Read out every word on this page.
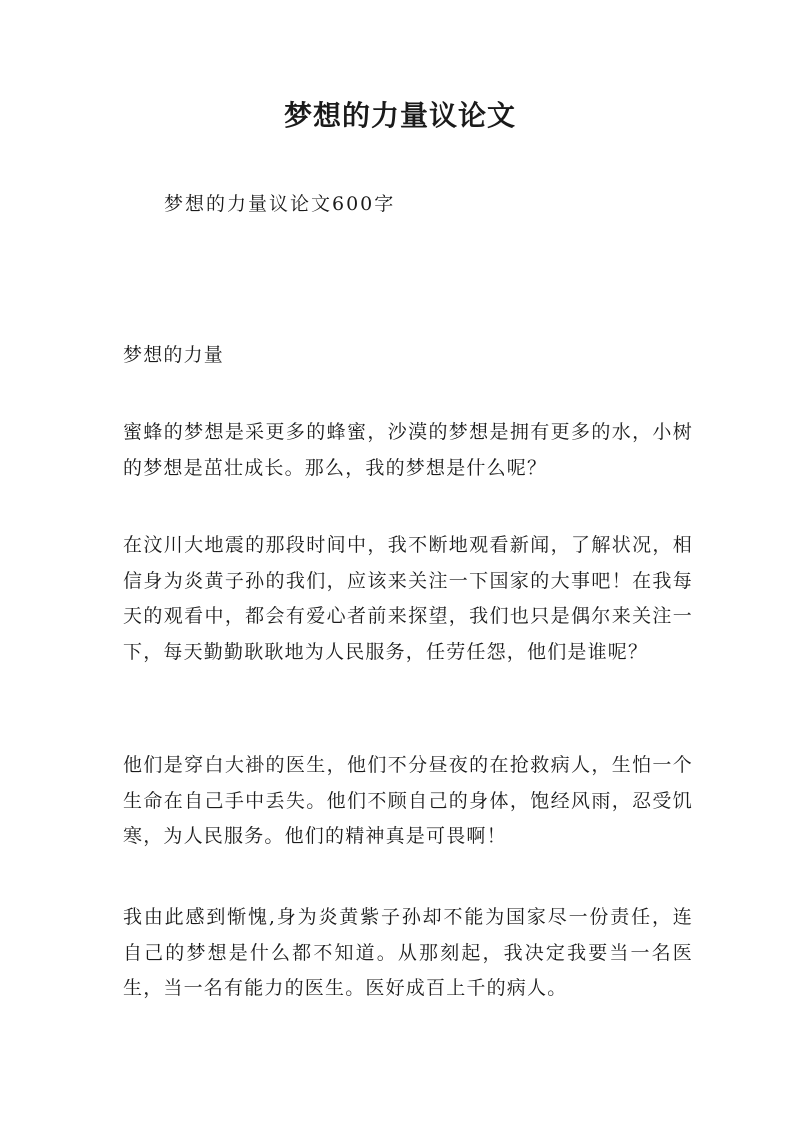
梦想的力量议论文
梦想的力量议论文600字
梦想的力量
蜜蜂的梦想是采更多的蜂蜜，沙漠的梦想是拥有更多的水，小树的梦想是茁壮成长。那么，我的梦想是什么呢？
在汶川大地震的那段时间中，我不断地观看新闻，了解状况，相信身为炎黄子孙的我们，应该来关注一下国家的大事吧！在我每天的观看中，都会有爱心者前来探望，我们也只是偶尔来关注一下，每天勤勤耿耿地为人民服务，任劳任怨，他们是谁呢？
他们是穿白大褂的医生，他们不分昼夜的在抢救病人，生怕一个生命在自己手中丢失。他们不顾自己的身体，饱经风雨，忍受饥寒，为人民服务。他们的精神真是可畏啊！
我由此感到惭愧,身为炎黄紫子孙却不能为国家尽一份责任，连自己的梦想是什么都不知道。从那刻起，我决定我要当一名医生，当一名有能力的医生。医好成百上千的病人。
